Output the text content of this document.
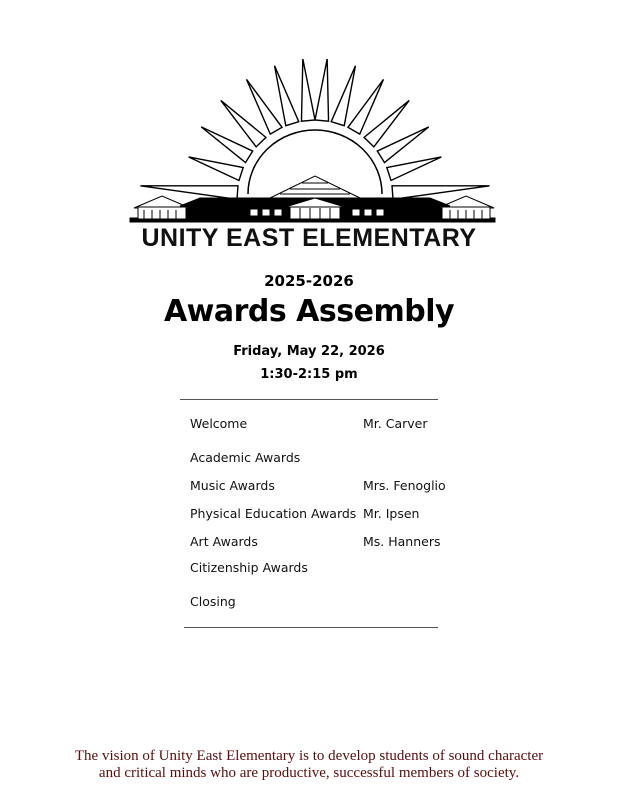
UNITY EAST ELEMENTARY
2025-2026
Awards Assembly
Friday, May 22, 2026
1:30-2:15 pm
Welcome	Mr. Carver
Academic Awards
Music Awards	Mrs. Fenoglio
Physical Education Awards Mr. Ipsen
Art Awards	Ms. Hanners
Citizenship Awards
Closing
The vision of Unity East Elementary is to develop students of sound character
and critical minds who are productive, successful members of society.
